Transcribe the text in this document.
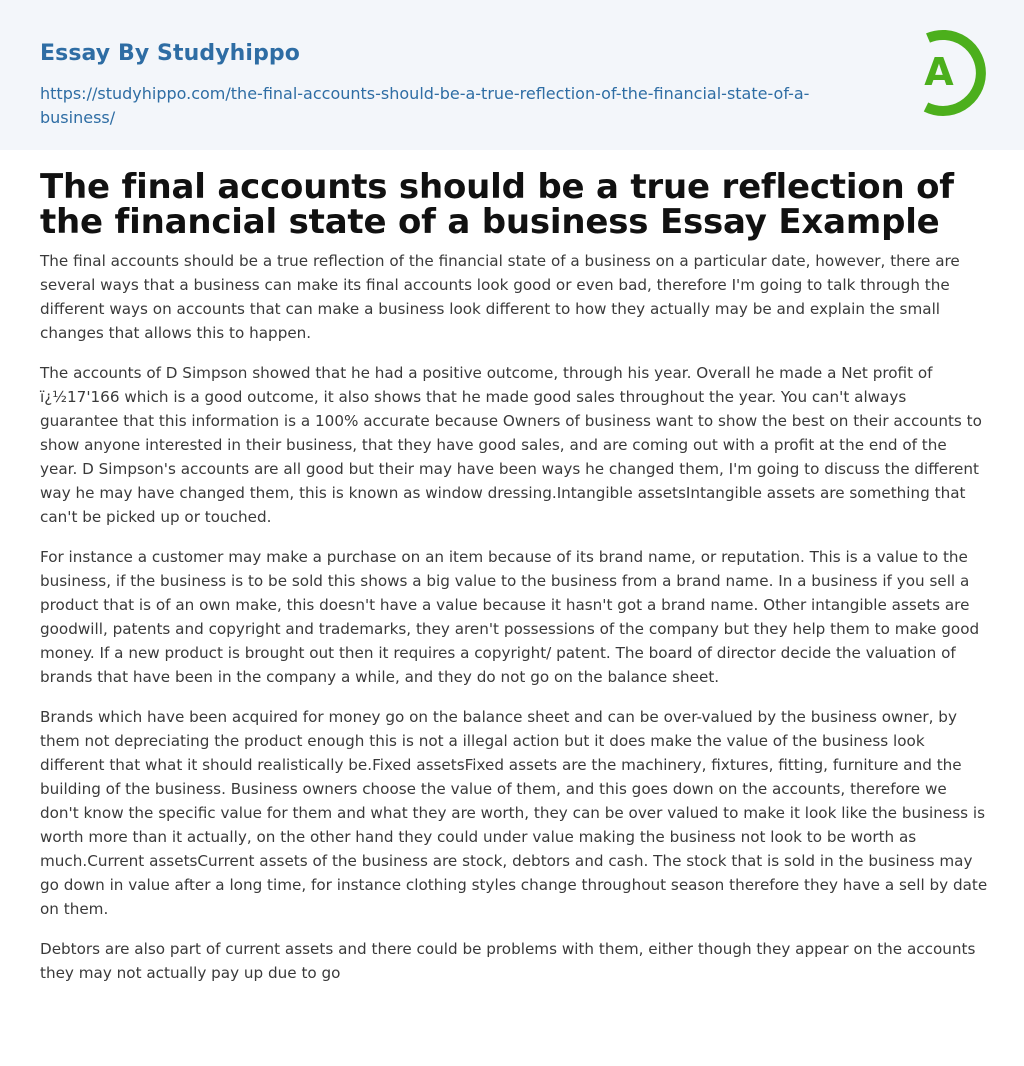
Essay By Studyhippo
https://studyhippo.com/the-final-accounts-should-be-a-true-reflection-of-the-financial-state-of-a-business/
A
The final accounts should be a true reflection of the financial state of a business Essay Example

The final accounts should be a true reflection of the financial state of a business on a particular date, however, there are several ways that a business can make its final accounts look good or even bad, therefore I'm going to talk through the different ways on accounts that can make a business look different to how they actually may be and explain the small changes that allows this to happen.

The accounts of D Simpson showed that he had a positive outcome, through his year. Overall he made a Net profit of ï¿½17'166 which is a good outcome, it also shows that he made good sales throughout the year. You can't always guarantee that this information is a 100% accurate because Owners of business want to show the best on their accounts to show anyone interested in their business, that they have good sales, and are coming out with a profit at the end of the year. D Simpson's accounts are all good but their may have been ways he changed them, I'm going to discuss the different way he may have changed them, this is known as window dressing.Intangible assetsIntangible assets are something that can't be picked up or touched.

For instance a customer may make a purchase on an item because of its brand name, or reputation. This is a value to the business, if the business is to be sold this shows a big value to the business from a brand name. In a business if you sell a product that is of an own make, this doesn't have a value because it hasn't got a brand name. Other intangible assets are goodwill, patents and copyright and trademarks, they aren't possessions of the company but they help them to make good money. If a new product is brought out then it requires a copyright/ patent. The board of director decide the valuation of brands that have been in the company a while, and they do not go on the balance sheet.

Brands which have been acquired for money go on the balance sheet and can be over-valued by the business owner, by them not depreciating the product enough this is not a illegal action but it does make the value of the business look different that what it should realistically be.Fixed assetsFixed assets are the machinery, fixtures, fitting, furniture and the building of the business. Business owners choose the value of them, and this goes down on the accounts, therefore we don't know the specific value for them and what they are worth, they can be over valued to make it look like the business is worth more than it actually, on the other hand they could under value making the business not look to be worth as much.Current assetsCurrent assets of the business are stock, debtors and cash. The stock that is sold in the business may go down in value after a long time, for instance clothing styles change throughout season therefore they have a sell by date on them.

Debtors are also part of current assets and there could be problems with them, either though they appear on the accounts they may not actually pay up due to go
